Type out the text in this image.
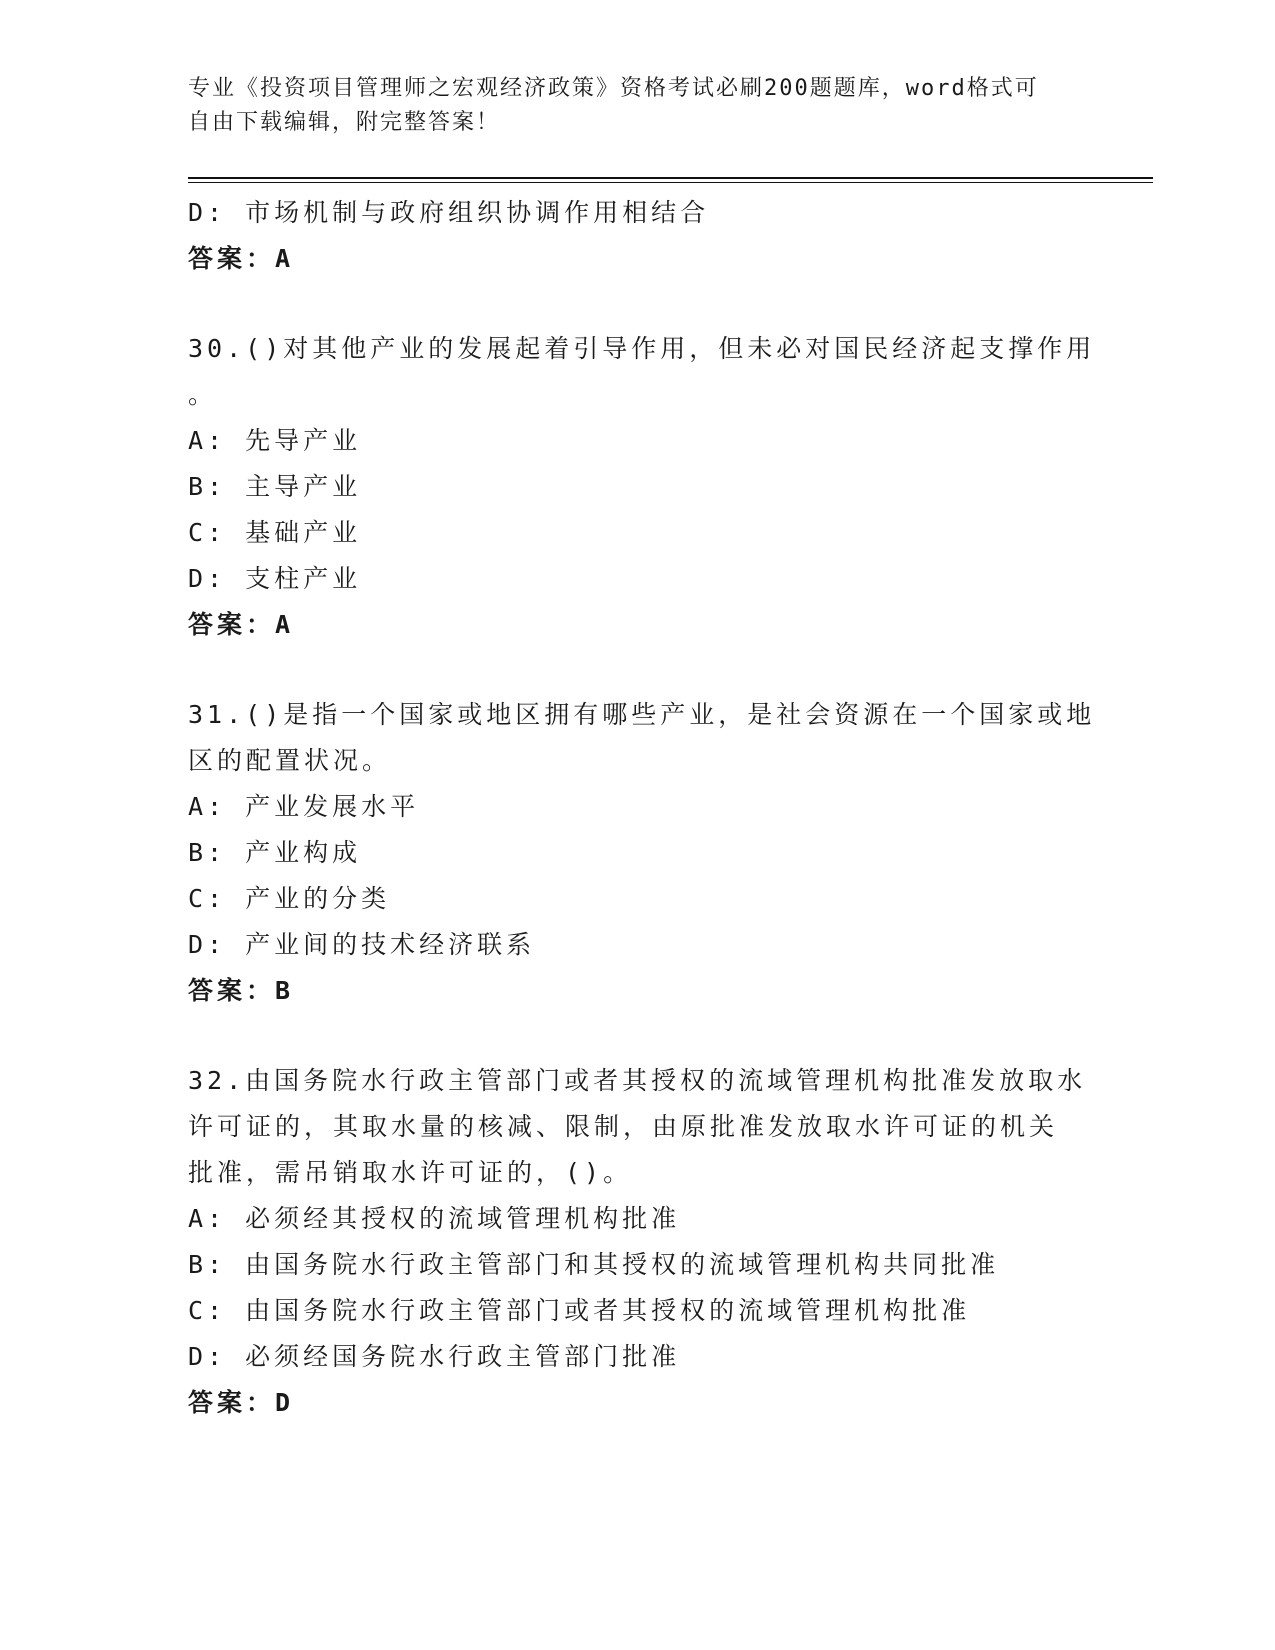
专业《投资项目管理师之宏观经济政策》资格考试必刷200题题库，word格式可
自由下载编辑，附完整答案！
D: 市场机制与政府组织协调作用相结合
答案：A
30.()对其他产业的发展起着引导作用，但未必对国民经济起支撑作用
。
A: 先导产业
B: 主导产业
C: 基础产业
D: 支柱产业
答案：A
31.()是指一个国家或地区拥有哪些产业，是社会资源在一个国家或地
区的配置状况。
A: 产业发展水平
B: 产业构成
C: 产业的分类
D: 产业间的技术经济联系
答案：B
32.由国务院水行政主管部门或者其授权的流域管理机构批准发放取水
许可证的，其取水量的核减、限制，由原批准发放取水许可证的机关
批准，需吊销取水许可证的，()。
A: 必须经其授权的流域管理机构批准
B: 由国务院水行政主管部门和其授权的流域管理机构共同批准
C: 由国务院水行政主管部门或者其授权的流域管理机构批准
D: 必须经国务院水行政主管部门批准
答案：D
